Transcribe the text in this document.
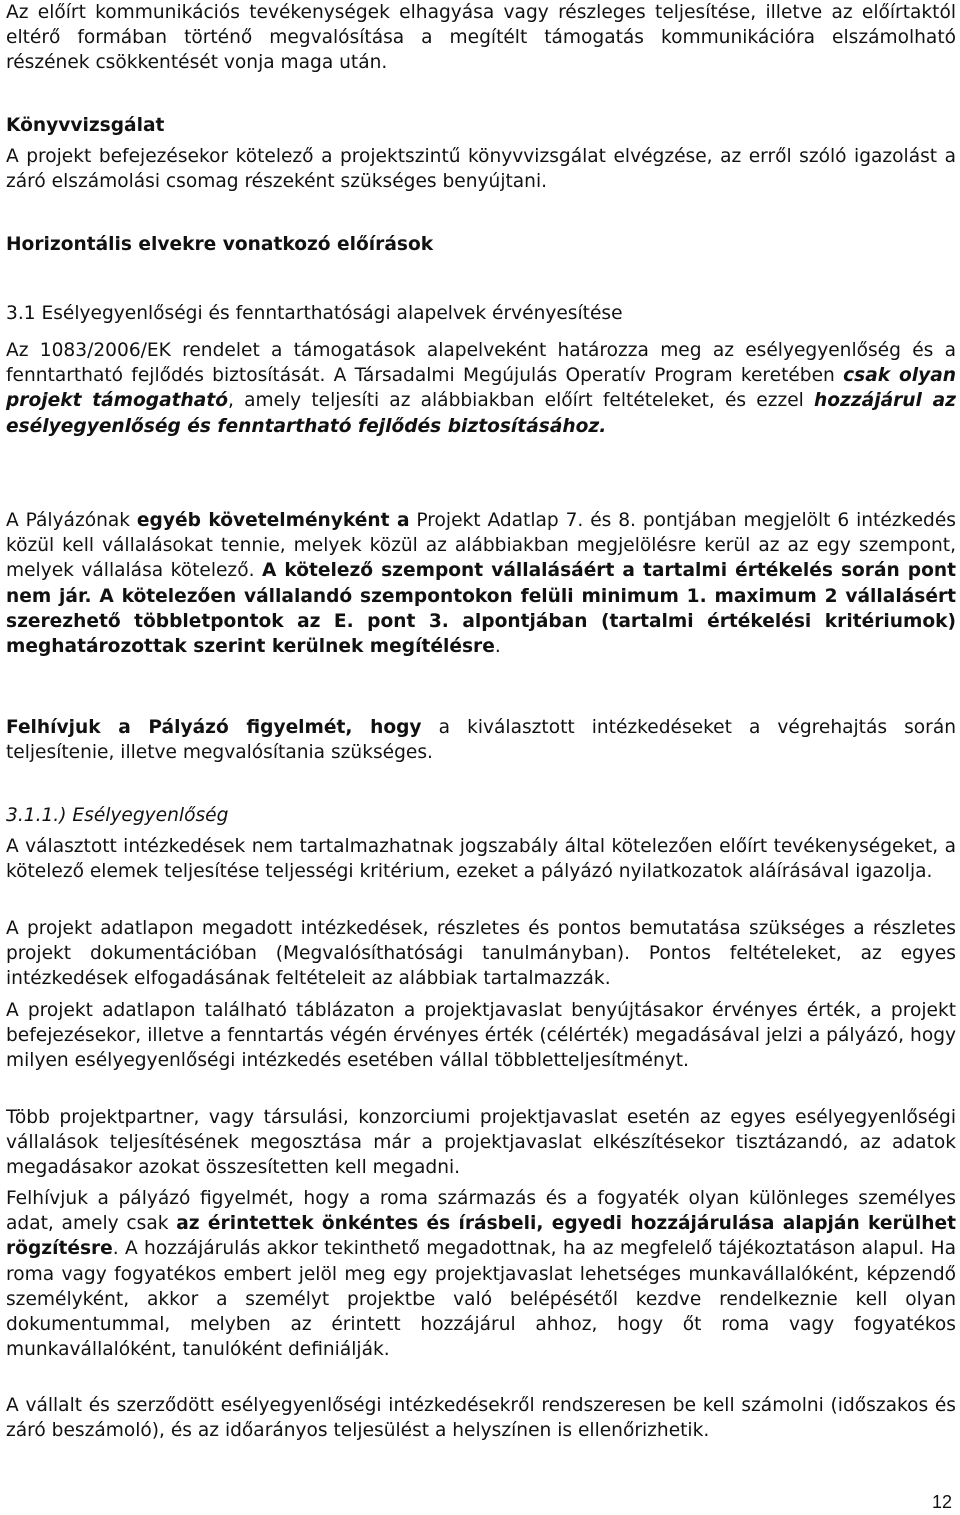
Az előírt kommunikációs tevékenységek elhagyása vagy részleges teljesítése, illetve az előírtaktól eltérő formában történő megvalósítása a megítélt támogatás kommunikációra elszámolható részének csökkentését vonja maga után.

Könyvvizsgálat

A projekt befejezésekor kötelező a projektszintű könyvvizsgálat elvégzése, az erről szóló igazolást a záró elszámolási csomag részeként szükséges benyújtani.

Horizontális elvekre vonatkozó előírások

3.1 Esélyegyenlőségi és fenntarthatósági alapelvek érvényesítése

Az 1083/2006/EK rendelet a támogatások alapelveként határozza meg az esélyegyenlőség és a fenntartható fejlődés biztosítását. A Társadalmi Megújulás Operatív Program keretében csak olyan projekt támogatható, amely teljesíti az alábbiakban előírt feltételeket, és ezzel hozzájárul az esélyegyenlőség és fenntartható fejlődés biztosításához.

A Pályázónak egyéb követelményként a Projekt Adatlap 7. és 8. pontjában megjelölt 6 intézkedés közül kell vállalásokat tennie, melyek közül az alábbiakban megjelölésre kerül az az egy szempont, melyek vállalása kötelező. A kötelező szempont vállalásáért a tartalmi értékelés során pont nem jár. A kötelezően vállalandó szempontokon felüli minimum 1. maximum 2 vállalásért szerezhető többletpontok az E. pont 3. alpontjában (tartalmi értékelési kritériumok) meghatározottak szerint kerülnek megítélésre.

Felhívjuk a Pályázó figyelmét, hogy a kiválasztott intézkedéseket a végrehajtás során teljesítenie, illetve megvalósítania szükséges.

3.1.1.) Esélyegyenlőség

A választott intézkedések nem tartalmazhatnak jogszabály által kötelezően előírt tevékenységeket, a kötelező elemek teljesítése teljességi kritérium, ezeket a pályázó nyilatkozatok aláírásával igazolja.

A projekt adatlapon megadott intézkedések, részletes és pontos bemutatása szükséges a részletes projekt dokumentációban (Megvalósíthatósági tanulmányban). Pontos feltételeket, az egyes intézkedések elfogadásának feltételeit az alábbiak tartalmazzák.

A projekt adatlapon található táblázaton a projektjavaslat benyújtásakor érvényes érték, a projekt befejezésekor, illetve a fenntartás végén érvényes érték (célérték) megadásával jelzi a pályázó, hogy milyen esélyegyenlőségi intézkedés esetében vállal többletteljesítményt.

Több projektpartner, vagy társulási, konzorciumi projektjavaslat esetén az egyes esélyegyenlőségi vállalások teljesítésének megosztása már a projektjavaslat elkészítésekor tisztázandó, az adatok megadásakor azokat összesítetten kell megadni.

Felhívjuk a pályázó figyelmét, hogy a roma származás és a fogyaték olyan különleges személyes adat, amely csak az érintettek önkéntes és írásbeli, egyedi hozzájárulása alapján kerülhet rögzítésre. A hozzájárulás akkor tekinthető megadottnak, ha az megfelelő tájékoztatáson alapul. Ha roma vagy fogyatékos embert jelöl meg egy projektjavaslat lehetséges munkavállalóként, képzendő személyként, akkor a személyt projektbe való belépésétől kezdve rendelkeznie kell olyan dokumentummal, melyben az érintett hozzájárul ahhoz, hogy őt roma vagy fogyatékos munkavállalóként, tanulóként definiálják.

A vállalt és szerződött esélyegyenlőségi intézkedésekről rendszeresen be kell számolni (időszakos és záró beszámoló), és az időarányos teljesülést a helyszínen is ellenőrizhetik.

12
